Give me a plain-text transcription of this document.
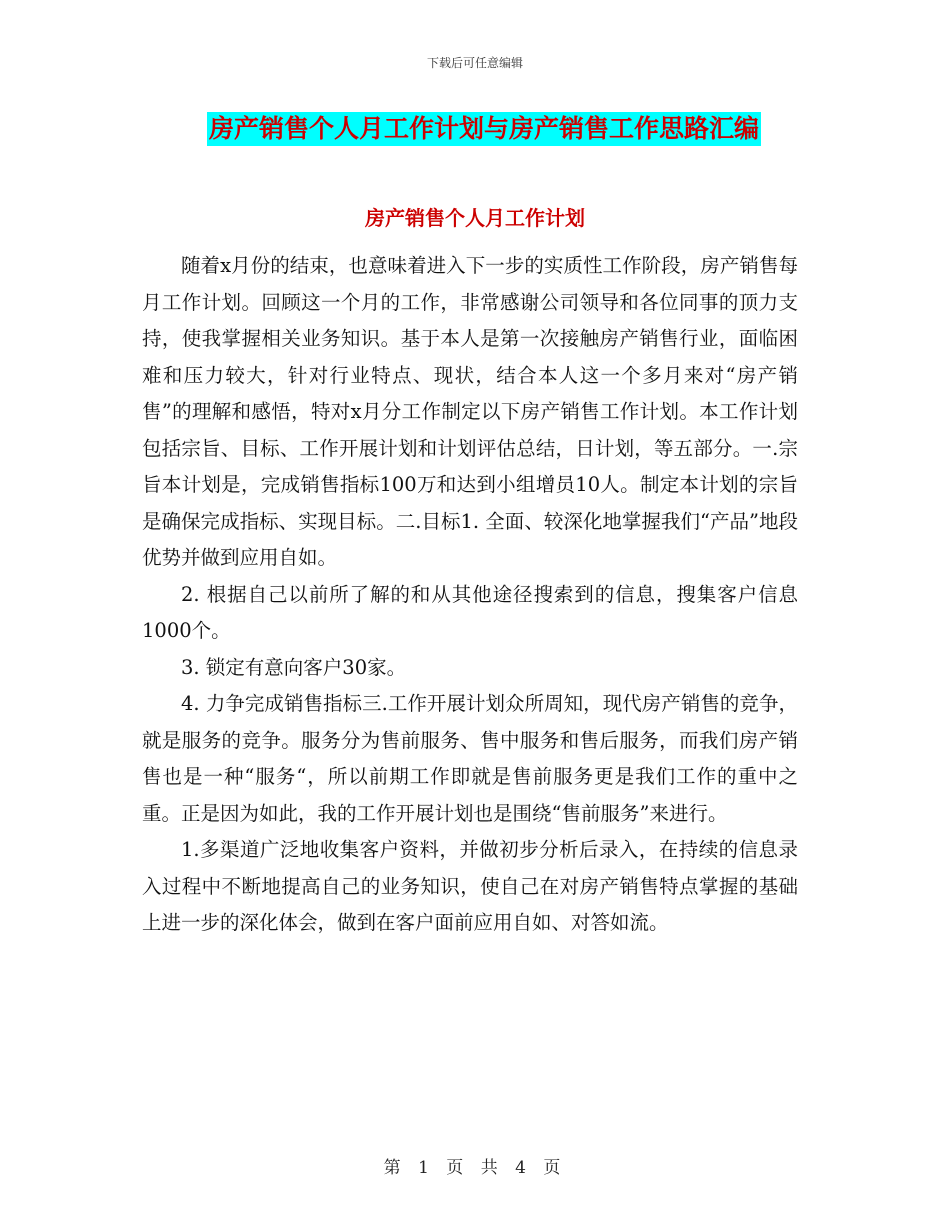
下载后可任意编辑
房产销售个人月工作计划与房产销售工作思路汇编
房产销售个人月工作计划

随着x月份的结束，也意味着进入下一步的实质性工作阶段，房产销售每月工作计划。回顾这一个月的工作，非常感谢公司领导和各位同事的顶力支持，使我掌握相关业务知识。基于本人是第一次接触房产销售行业，面临困难和压力较大，针对行业特点、现状，结合本人这一个多月来对“房产销售”的理解和感悟，特对x月分工作制定以下房产销售工作计划。本工作计划包括宗旨、目标、工作开展计划和计划评估总结，日计划，等五部分。一.宗旨本计划是，完成销售指标100万和达到小组增员10人。制定本计划的宗旨是确保完成指标、实现目标。二.目标1. 全面、较深化地掌握我们“产品”地段优势并做到应用自如。

2. 根据自己以前所了解的和从其他途径搜索到的信息，搜集客户信息1000个。

3. 锁定有意向客户30家。

4. 力争完成销售指标三.工作开展计划众所周知，现代房产销售的竞争，就是服务的竞争。服务分为售前服务、售中服务和售后服务，而我们房产销售也是一种“服务“，所以前期工作即就是售前服务更是我们工作的重中之重。正是因为如此，我的工作开展计划也是围绕“售前服务”来进行。

1.多渠道广泛地收集客户资料，并做初步分析后录入，在持续的信息录入过程中不断地提高自己的业务知识，使自己在对房产销售特点掌握的基础上进一步的深化体会，做到在客户面前应用自如、对答如流。

第 1 页 共 4 页
